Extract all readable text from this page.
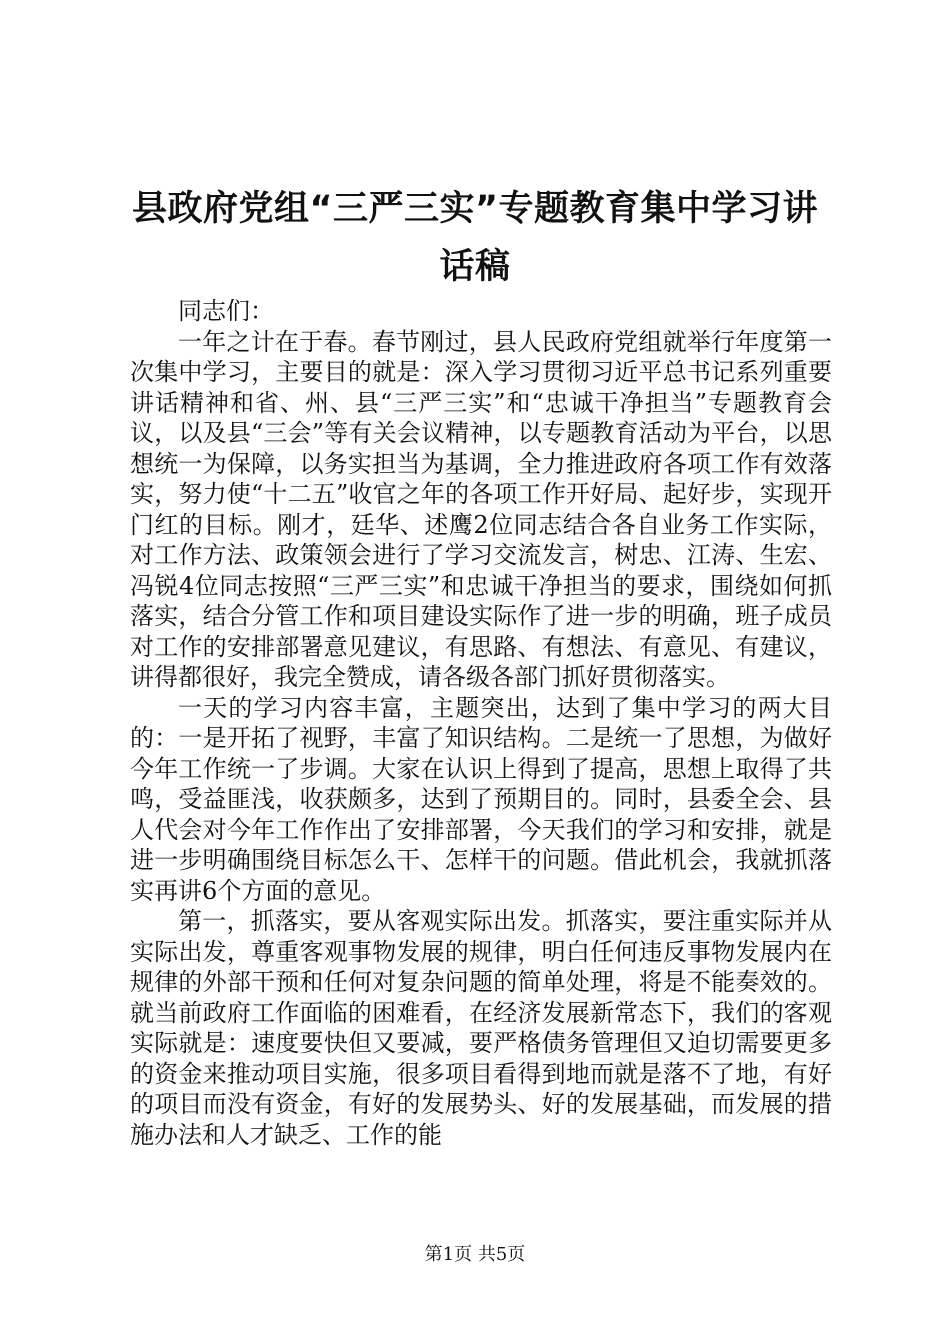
县政府党组“三严三实”专题教育集中学习讲话稿

同志们：

一年之计在于春。春节刚过，县人民政府党组就举行年度第一次集中学习，主要目的就是：深入学习贯彻习近平总书记系列重要讲话精神和省、州、县“三严三实”和“忠诚干净担当”专题教育会议，以及县“三会”等有关会议精神，以专题教育活动为平台，以思想统一为保障，以务实担当为基调，全力推进政府各项工作有效落实，努力使“十二五”收官之年的各项工作开好局、起好步，实现开门红的目标。刚才，廷华、述鹰2位同志结合各自业务工作实际，对工作方法、政策领会进行了学习交流发言，树忠、江涛、生宏、冯锐4位同志按照“三严三实”和忠诚干净担当的要求，围绕如何抓落实，结合分管工作和项目建设实际作了进一步的明确，班子成员对工作的安排部署意见建议，有思路、有想法、有意见、有建议，讲得都很好，我完全赞成，请各级各部门抓好贯彻落实。

一天的学习内容丰富，主题突出，达到了集中学习的两大目的：一是开拓了视野，丰富了知识结构。二是统一了思想，为做好今年工作统一了步调。大家在认识上得到了提高，思想上取得了共鸣，受益匪浅，收获颇多，达到了预期目的。同时，县委全会、县人代会对今年工作作出了安排部署，今天我们的学习和安排，就是进一步明确围绕目标怎么干、怎样干的问题。借此机会，我就抓落实再讲6个方面的意见。

第一，抓落实，要从客观实际出发。抓落实，要注重实际并从实际出发，尊重客观事物发展的规律，明白任何违反事物发展内在规律的外部干预和任何对复杂问题的简单处理，将是不能奏效的。就当前政府工作面临的困难看，在经济发展新常态下，我们的客观实际就是：速度要快但又要减，要严格债务管理但又迫切需要更多的资金来推动项目实施，很多项目看得到地而就是落不了地，有好的项目而没有资金，有好的发展势头、好的发展基础，而发展的措施办法和人才缺乏、工作的能

第1页 共5页
